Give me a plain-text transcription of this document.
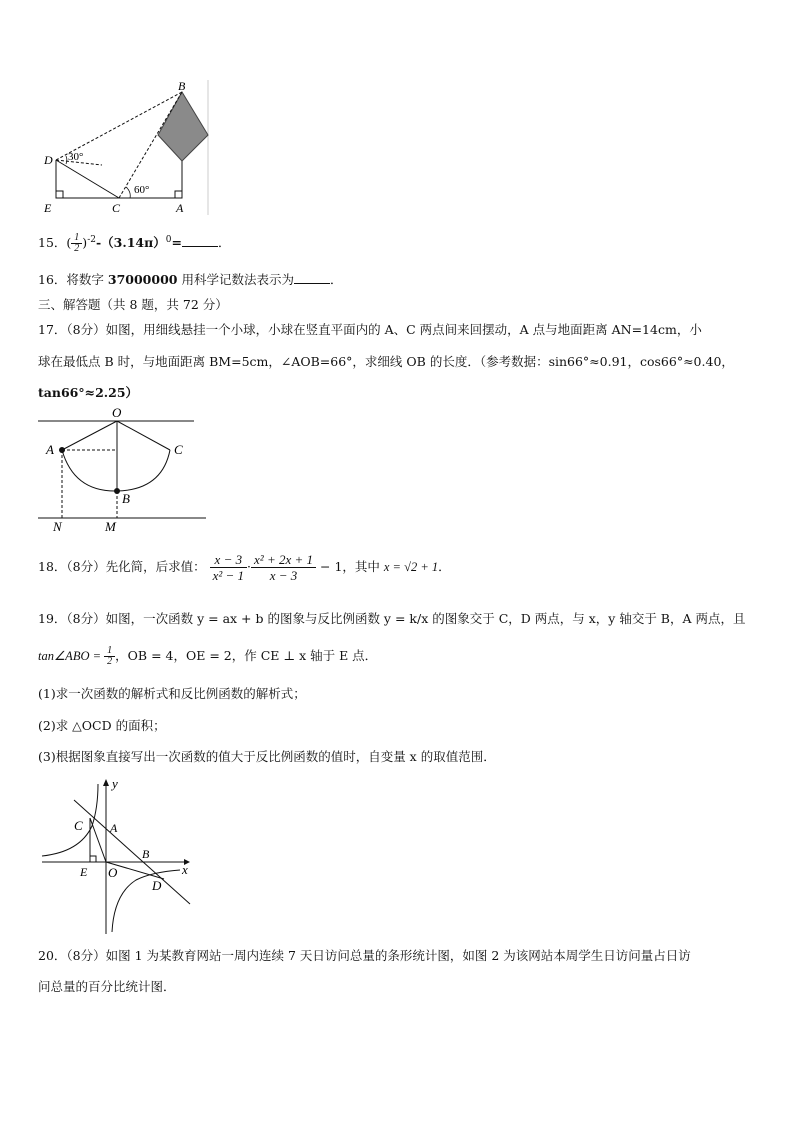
B
D
E	C	A
30°
60°
15．( $\frac{1}{2} )^{-2}-(3.14\pi)^0=$	．
16．将数字 37000000 用科学记数法表示为	．
三、解答题（共 8 题，共 72 分）
17．（8分）如图，用细线悬挂一个小球，小球在竖直平面内的 A、C 两点间来回摆动，A 点与地面距离 AN=14cm，小
球在最低点 B 时，与地面距离 BM=5cm，∠AOB=66°，求细线 OB 的长度．（参考数据：sin66°≈0.91，cos66°≈0.40，
tan66°≈2.25）
O
A	C
B
N	M
18．（8分）先化简，后求值： $\frac{x - 3}{\text{x² − 1}} \cdot \frac{\text{x² + 2x + 1}}{x - 3} - 1$，其中 x = √2 + 1．
19．（8分）如图，一次函数 y = ax + b 的图象与反比例函数 y = k/x 的图象交于 C，D 两点，与 x，y 轴交于 B，A 两点，且
tan∠ABO = $\frac{1}{2}$ ，OB = 4，OE = 2，作 CE ⊥ x 轴于 E 点．
(1)求一次函数的解析式和反比例函数的解析式；
(2)求 △OCD 的面积；
(3)根据图象直接写出一次函数的值大于反比例函数的值时，自变量 x 的取值范围．
y
x
C A
B
E O
D
20．（8分）如图 1 为某教育网站一周内连续 7 天日访问总量的条形统计图，如图 2 为该网站本周学生日访问量占日访
问总量的百分比统计图．
